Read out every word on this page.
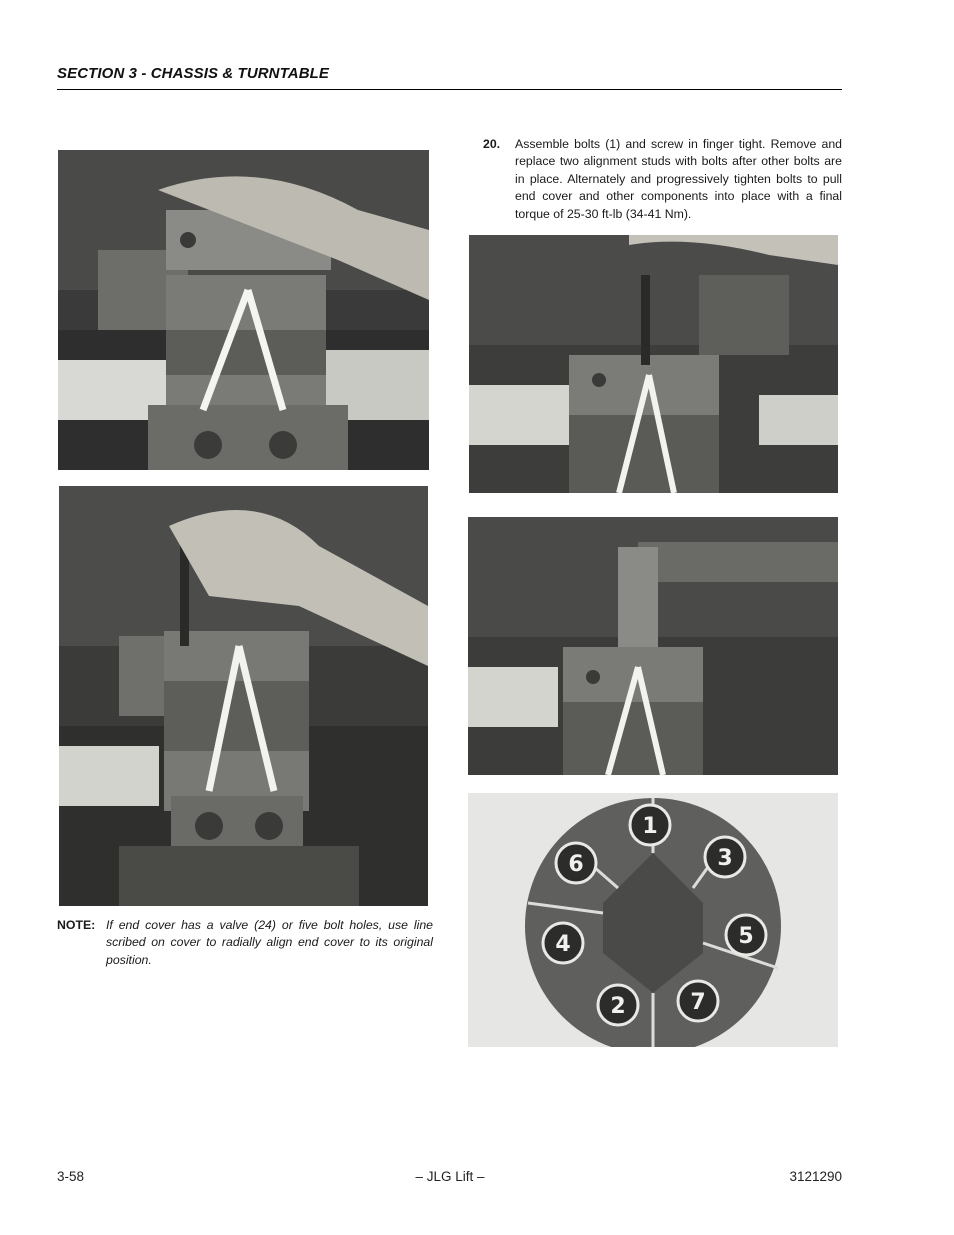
SECTION 3 - CHASSIS & TURNTABLE
20. Assemble bolts (1) and screw in finger tight. Remove and replace two alignment studs with bolts after other bolts are in place. Alternately and progressively tighten bolts to pull end cover and other components into place with a final torque of 25-30 ft-lb (34-41 Nm).
1
2
3
4	5
6
7
NOTE: If end cover has a valve (24) or five bolt holes, use line scribed on cover to radially align end cover to its original position.
3-58	– JLG Lift –	3121290
